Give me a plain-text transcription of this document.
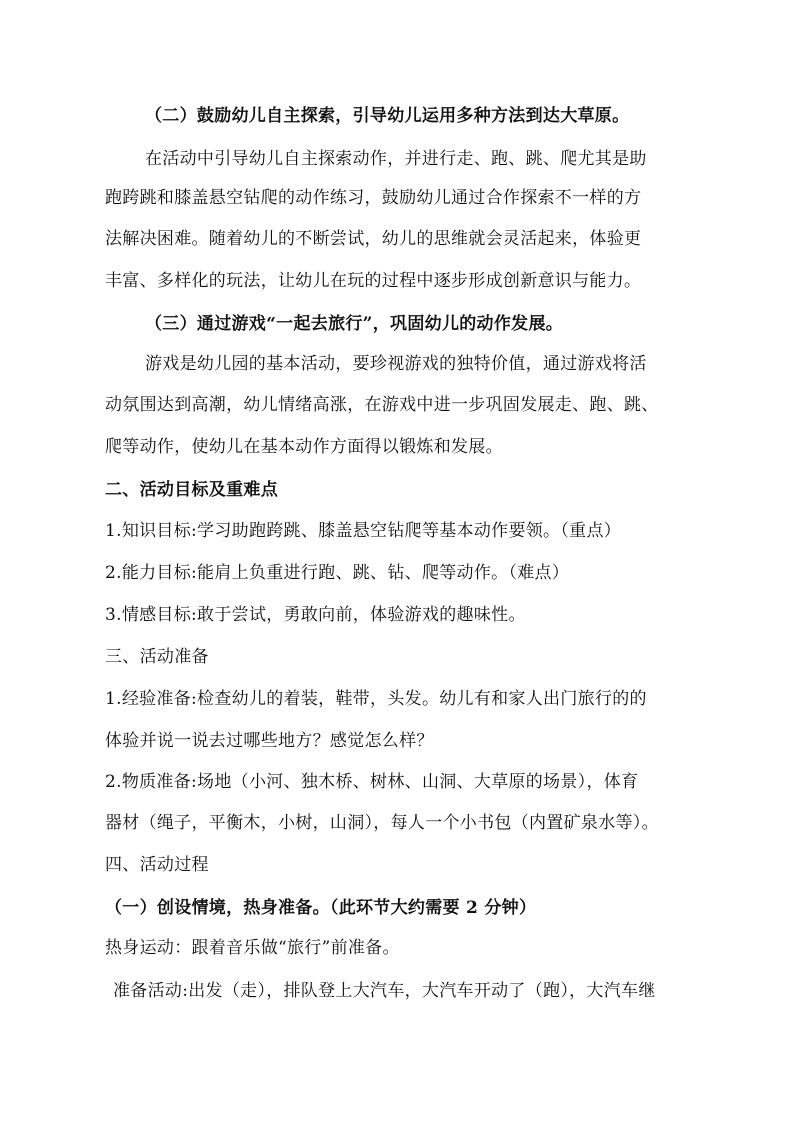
（二）鼓励幼儿自主探索，引导幼儿运用多种方法到达大草原。
在活动中引导幼儿自主探索动作，并进行走、跑、跳、爬尤其是助
跑跨跳和膝盖悬空钻爬的动作练习，鼓励幼儿通过合作探索不一样的方
法解决困难。随着幼儿的不断尝试，幼儿的思维就会灵活起来，体验更
丰富、多样化的玩法，让幼儿在玩的过程中逐步形成创新意识与能力。
（三）通过游戏“一起去旅行”，巩固幼儿的动作发展。
游戏是幼儿园的基本活动，要珍视游戏的独特价值，通过游戏将活
动氛围达到高潮，幼儿情绪高涨，在游戏中进一步巩固发展走、跑、跳、
爬等动作，使幼儿在基本动作方面得以锻炼和发展。
二、活动目标及重难点
1.知识目标:学习助跑跨跳、膝盖悬空钻爬等基本动作要领。（重点）
2.能力目标:能肩上负重进行跑、跳、钻、爬等动作。（难点）
3.情感目标:敢于尝试，勇敢向前，体验游戏的趣味性。
三、活动准备
1.经验准备:检查幼儿的着装，鞋带，头发。幼儿有和家人出门旅行的的
体验并说一说去过哪些地方？感觉怎么样？
2.物质准备:场地（小河、独木桥、树林、山洞、大草原的场景），体育
器材（绳子，平衡木，小树，山洞），每人一个小书包（内置矿泉水等）。
四、活动过程
（一）创设情境，热身准备。（此环节大约需要 2 分钟）
热身运动：跟着音乐做“旅行”前准备。
准备活动:出发（走），排队登上大汽车，大汽车开动了（跑），大汽车继
